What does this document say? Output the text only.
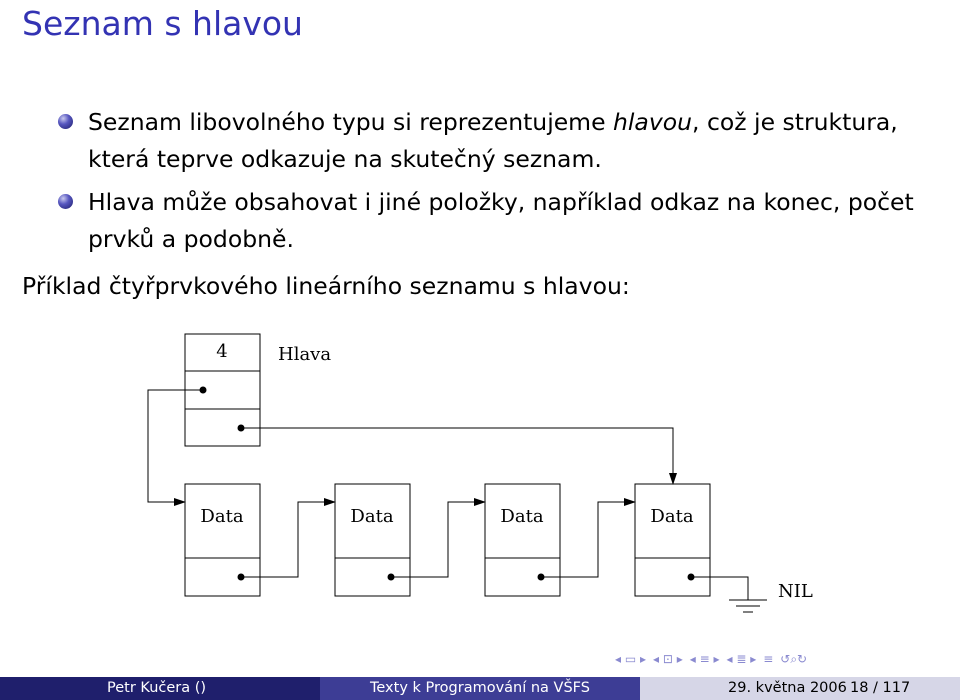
Seznam s hlavou
Seznam libovolného typu si reprezentujeme hlavou, což je struktura, která teprve odkazuje na skutečný seznam.
Hlava může obsahovat i jiné položky, například odkaz na konec, počet prvků a podobně.
Příklad čtyřprvkového lineárního seznamu s hlavou:
4	Hlava
Data	Data	Data	Data
NIL
◂ ▭ ▸ ◂ ⊡ ▸ ◂ ≡ ▸ ◂ ≣ ▸ ≡ ↺⌕↻
Petr Kučera ()	Texty k Programování na VŠFS	29. května 2006 18 / 117
